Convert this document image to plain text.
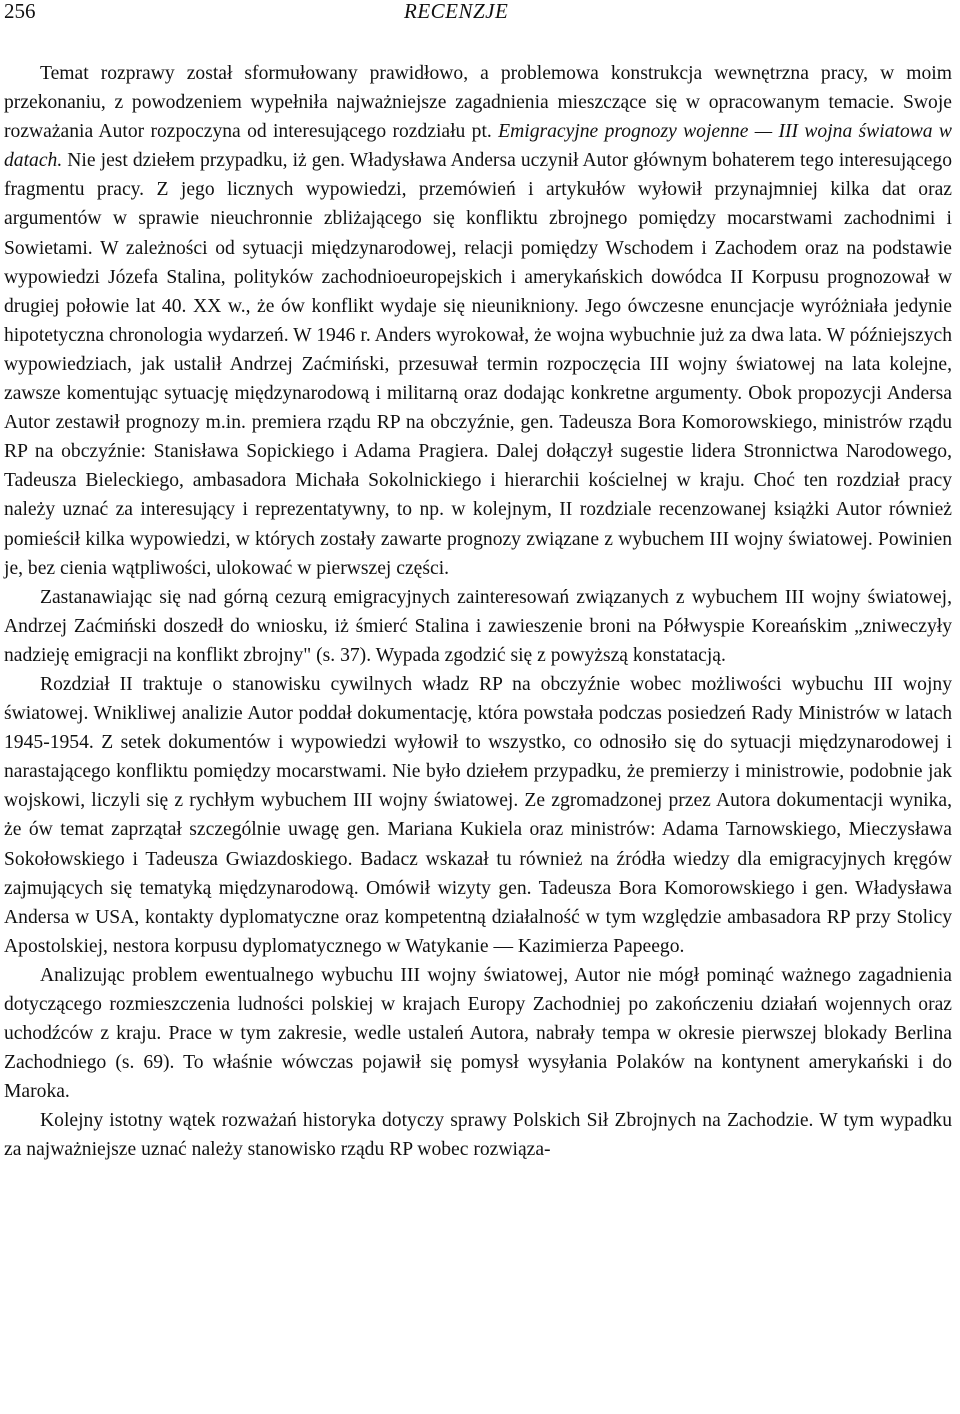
256	RECENZJE

Temat rozprawy został sformułowany prawidłowo, a problemowa konstrukcja wewnętrzna pracy, w moim przekonaniu, z powodzeniem wypełniła najważniejsze zagadnienia mieszczące się w opracowanym temacie. Swoje rozważania Autor rozpoczyna od interesującego rozdziału pt. Emigracyjne prognozy wojenne — III wojna światowa w datach. Nie jest dziełem przypadku, iż gen. Władysława Andersa uczynił Autor głównym bohaterem tego interesującego fragmentu pracy. Z jego licznych wypowiedzi, przemówień i artykułów wyłowił przynajmniej kilka dat oraz argumentów w sprawie nieuchronnie zbliżającego się konfliktu zbrojnego pomiędzy mocarstwami zachodnimi i Sowietami. W zależności od sytuacji międzynarodowej, relacji pomiędzy Wschodem i Zachodem oraz na podstawie wypowiedzi Józefa Stalina, polityków zachodnioeuropejskich i amerykańskich dowódca II Korpusu prognozował w drugiej połowie lat 40. XX w., że ów konflikt wydaje się nieunikniony. Jego ówczesne enuncjacje wyróżniała jedynie hipotetyczna chronologia wydarzeń. W 1946 r. Anders wyrokował, że wojna wybuchnie już za dwa lata. W późniejszych wypowiedziach, jak ustalił Andrzej Zaćmiński, przesuwał termin rozpoczęcia III wojny światowej na lata kolejne, zawsze komentując sytuację międzynarodową i militarną oraz dodając konkretne argumenty. Obok propozycji Andersa Autor zestawił prognozy m.in. premiera rządu RP na obczyźnie, gen. Tadeusza Bora Komorowskiego, ministrów rządu RP na obczyźnie: Stanisława Sopickiego i Adama Pragiera. Dalej dołączył sugestie lidera Stronnictwa Narodowego, Tadeusza Bieleckiego, ambasadora Michała Sokolnickiego i hierarchii kościelnej w kraju. Choć ten rozdział pracy należy uznać za interesujący i reprezentatywny, to np. w kolejnym, II rozdziale recenzowanej książki Autor również pomieścił kilka wypowiedzi, w których zostały zawarte prognozy związane z wybuchem III wojny światowej. Powinien je, bez cienia wątpliwości, ulokować w pierwszej części.

Zastanawiając się nad górną cezurą emigracyjnych zainteresowań związanych z wybuchem III wojny światowej, Andrzej Zaćmiński doszedł do wniosku, iż śmierć Stalina i zawieszenie broni na Półwyspie Koreańskim „zniweczyły nadzieję emigracji na konflikt zbrojny" (s. 37). Wypada zgodzić się z powyższą konstatacją.

Rozdział II traktuje o stanowisku cywilnych władz RP na obczyźnie wobec możliwości wybuchu III wojny światowej. Wnikliwej analizie Autor poddał dokumentację, która powstała podczas posiedzeń Rady Ministrów w latach 1945-1954. Z setek dokumentów i wypowiedzi wyłowił to wszystko, co odnosiło się do sytuacji międzynarodowej i narastającego konfliktu pomiędzy mocarstwami. Nie było dziełem przypadku, że premierzy i ministrowie, podobnie jak wojskowi, liczyli się z rychłym wybuchem III wojny światowej. Ze zgromadzonej przez Autora dokumentacji wynika, że ów temat zaprzątał szczególnie uwagę gen. Mariana Kukiela oraz ministrów: Adama Tarnowskiego, Mieczysława Sokołowskiego i Tadeusza Gwiazdoskiego. Badacz wskazał tu również na źródła wiedzy dla emigracyjnych kręgów zajmujących się tematyką międzynarodową. Omówił wizyty gen. Tadeusza Bora Komorowskiego i gen. Władysława Andersa w USA, kontakty dyplomatyczne oraz kompetentną działalność w tym względzie ambasadora RP przy Stolicy Apostolskiej, nestora korpusu dyplomatycznego w Watykanie — Kazimierza Papeego.

Analizując problem ewentualnego wybuchu III wojny światowej, Autor nie mógł pominąć ważnego zagadnienia dotyczącego rozmieszczenia ludności polskiej w krajach Europy Zachodniej po zakończeniu działań wojennych oraz uchodźców z kraju. Prace w tym zakresie, wedle ustaleń Autora, nabrały tempa w okresie pierwszej blokady Berlina Zachodniego (s. 69). To właśnie wówczas pojawił się pomysł wysyłania Polaków na kontynent amerykański i do Maroka.

Kolejny istotny wątek rozważań historyka dotyczy sprawy Polskich Sił Zbrojnych na Zachodzie. W tym wypadku za najważniejsze uznać należy stanowisko rządu RP wobec rozwiąza-
